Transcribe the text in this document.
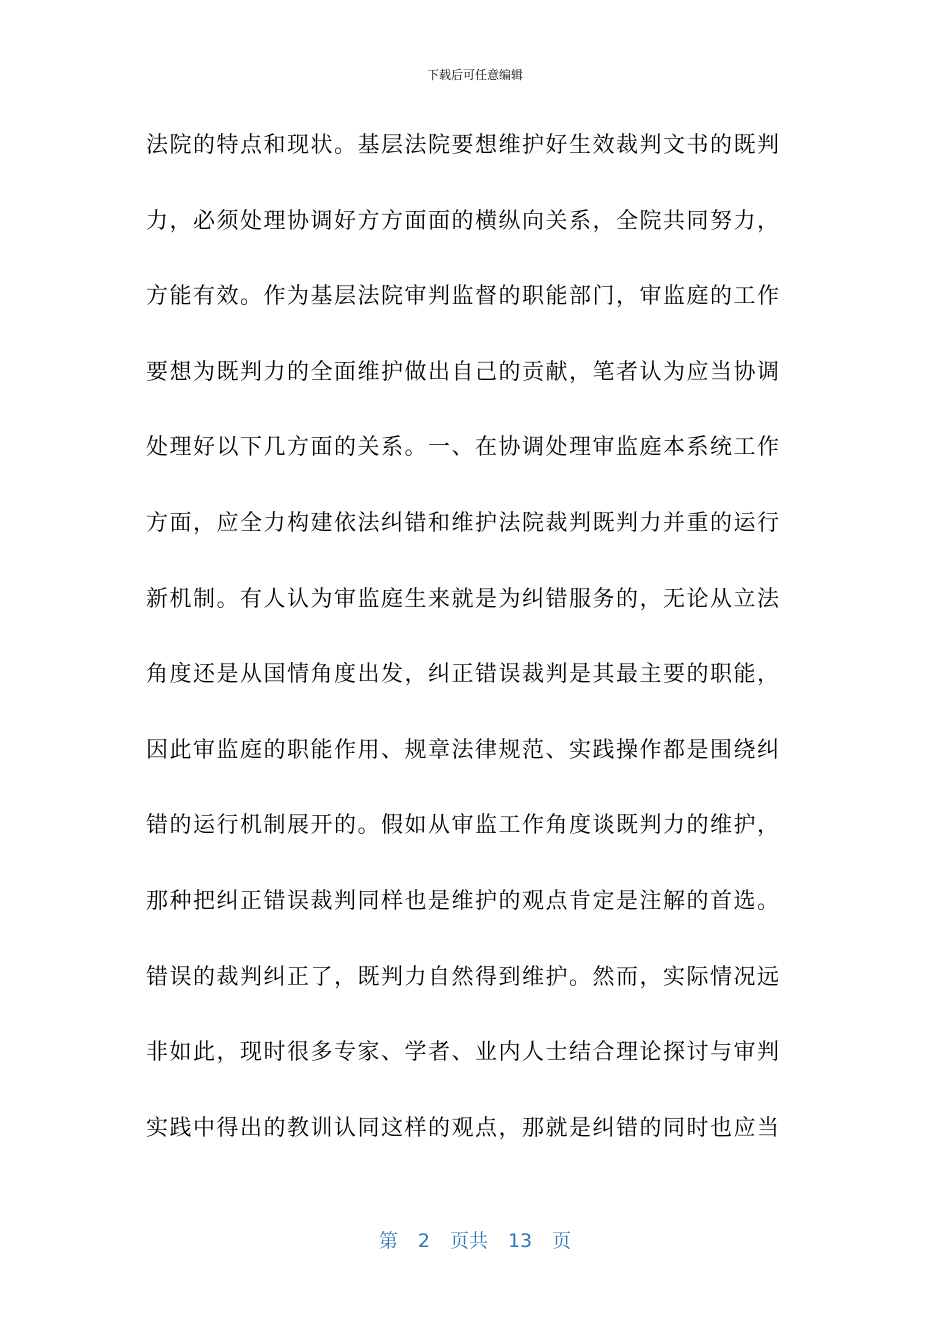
下载后可任意编辑
法院的特点和现状。基层法院要想维护好生效裁判文书的既判
力，必须处理协调好方方面面的横纵向关系，全院共同努力，
方能有效。作为基层法院审判监督的职能部门，审监庭的工作
要想为既判力的全面维护做出自己的贡献，笔者认为应当协调
处理好以下几方面的关系。一、在协调处理审监庭本系统工作
方面，应全力构建依法纠错和维护法院裁判既判力并重的运行
新机制。有人认为审监庭生来就是为纠错服务的，无论从立法
角度还是从国情角度出发，纠正错误裁判是其最主要的职能，
因此审监庭的职能作用、规章法律规范、实践操作都是围绕纠
错的运行机制展开的。假如从审监工作角度谈既判力的维护，
那种把纠正错误裁判同样也是维护的观点肯定是注解的首选。
错误的裁判纠正了，既判力自然得到维护。然而，实际情况远
非如此，现时很多专家、学者、业内人士结合理论探讨与审判
实践中得出的教训认同这样的观点，那就是纠错的同时也应当
第 2 页共 13 页
